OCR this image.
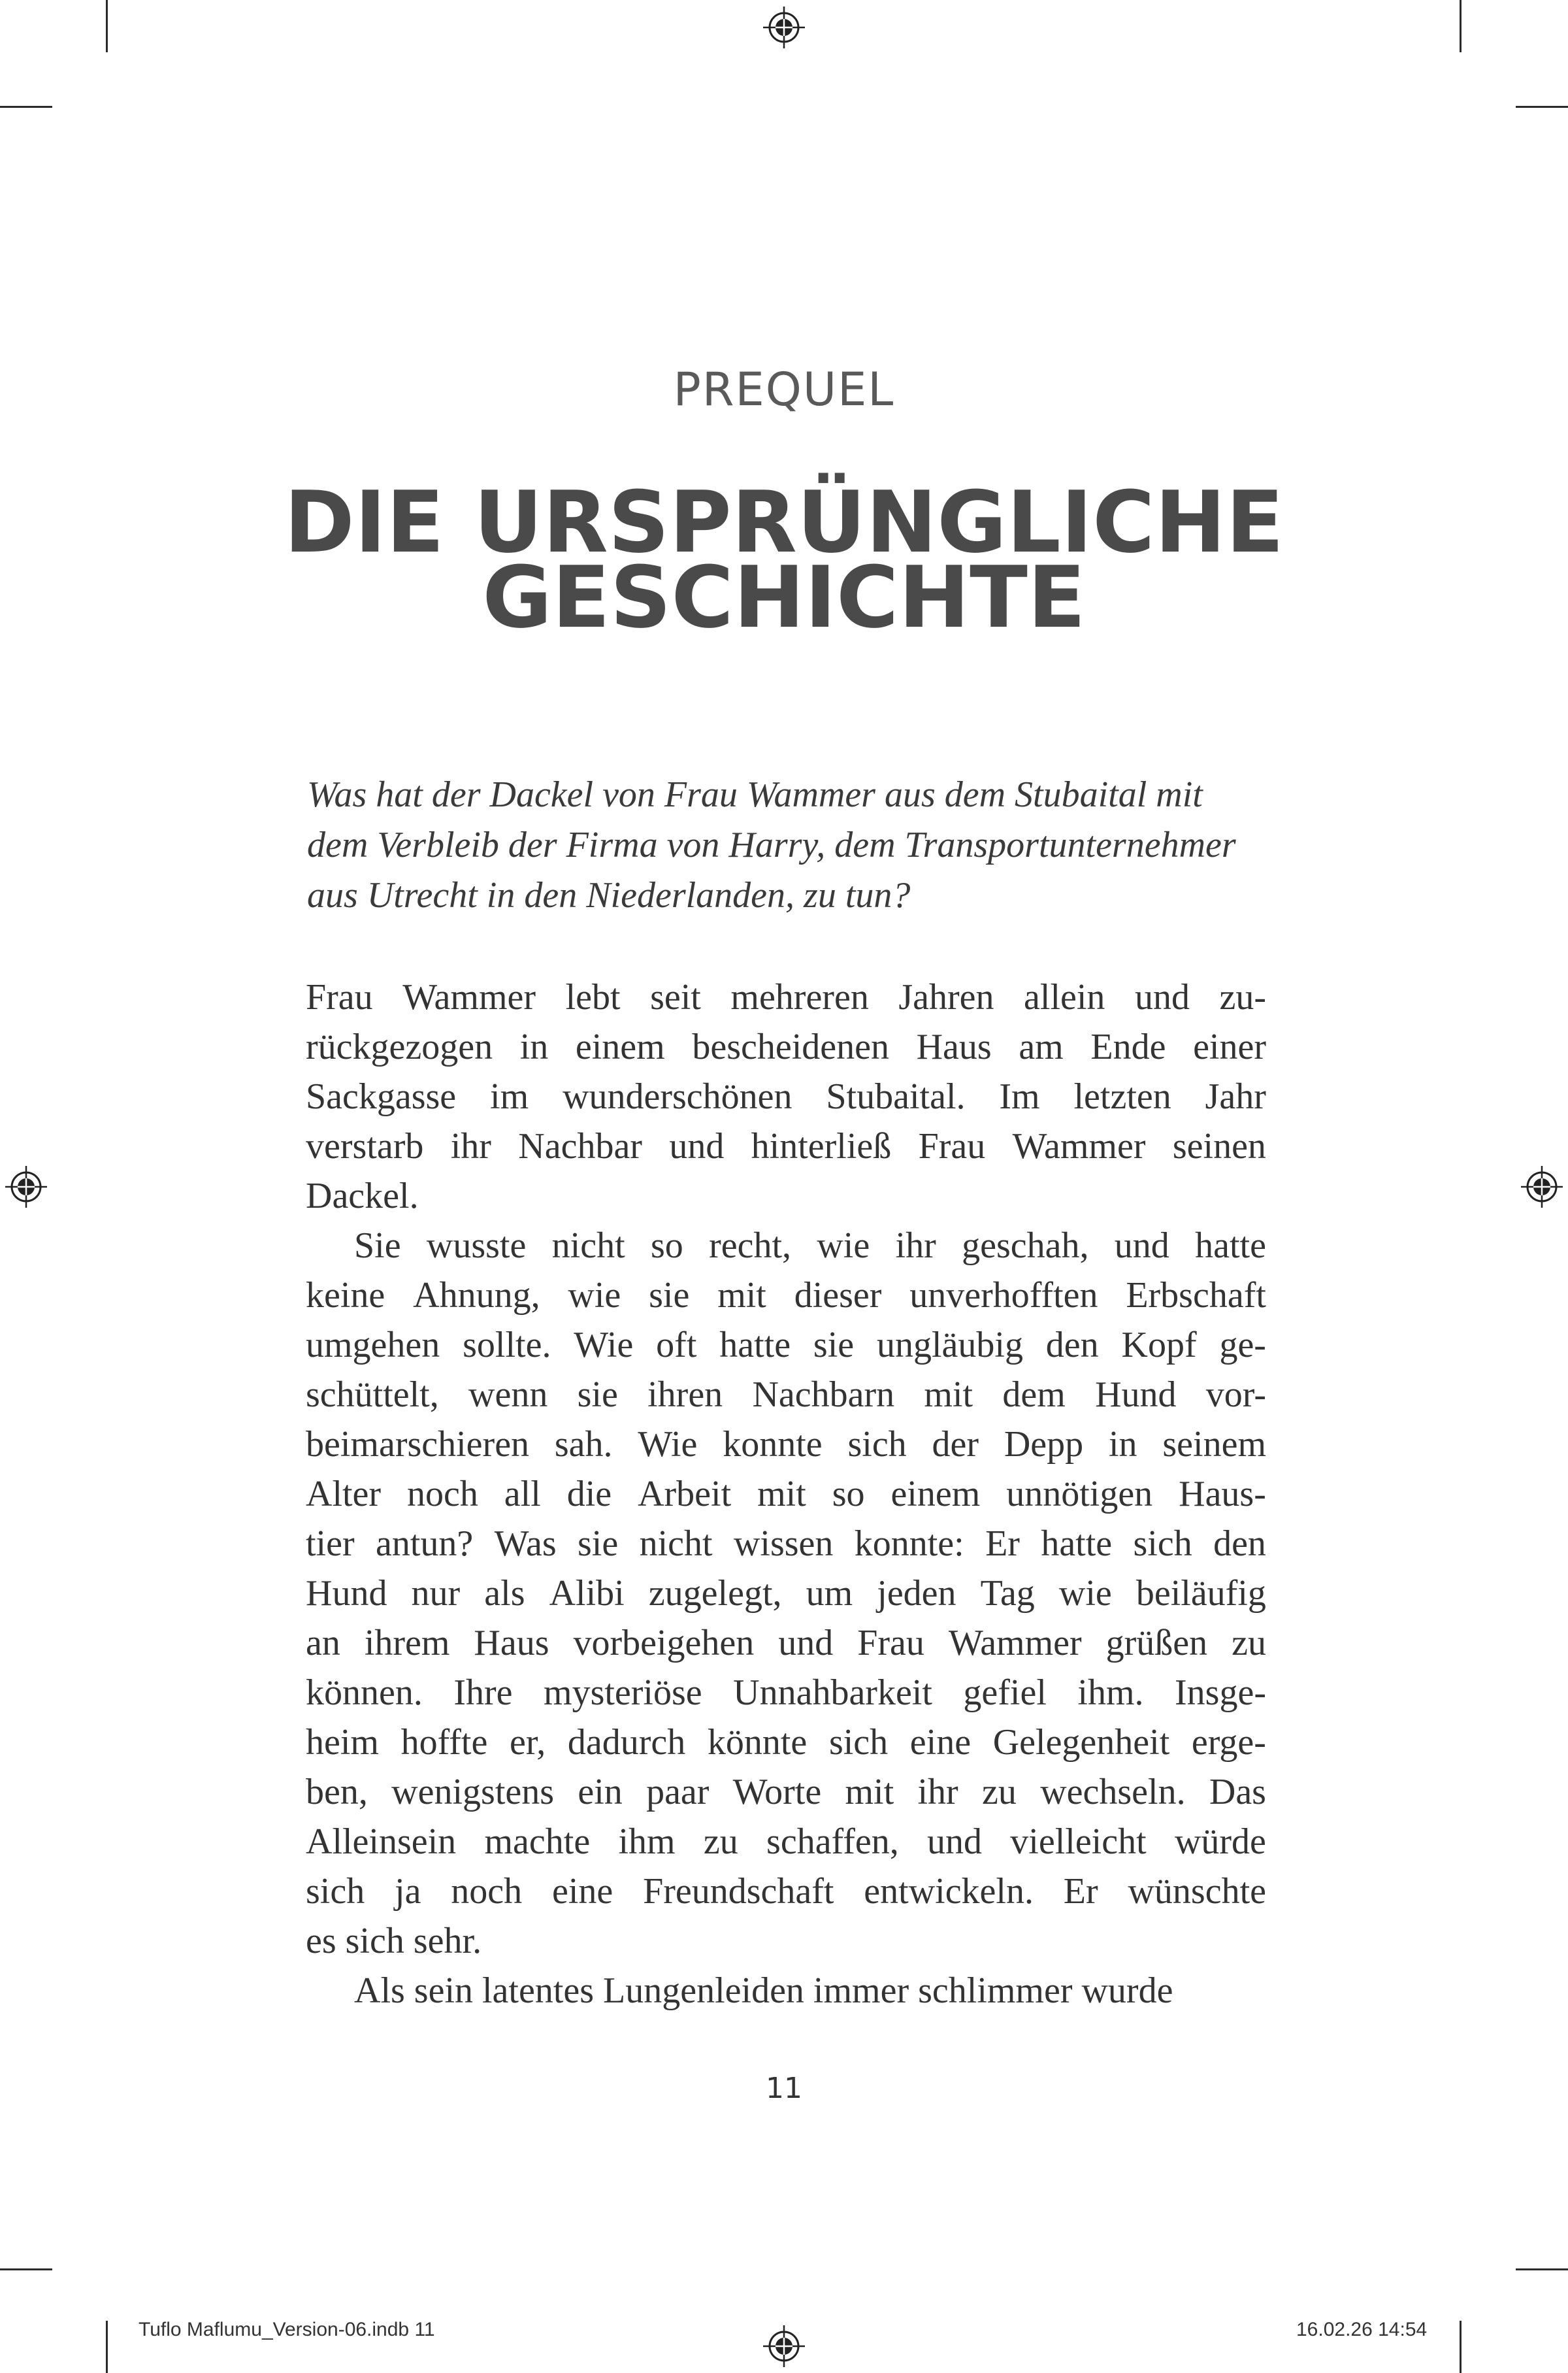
PREQUEL
DIE URSPRÜNGLICHE
GESCHICHTE
Was hat der Dackel von Frau Wammer aus dem Stubaital mit
dem Verbleib der Firma von Harry, dem Transportunternehmer
aus Utrecht in den Niederlanden, zu tun?
Frau Wammer lebt seit mehreren Jahren allein und zu-
rückgezogen in einem bescheidenen Haus am Ende einer
Sackgasse im wunderschönen Stubaital. Im letzten Jahr
verstarb ihr Nachbar und hinterließ Frau Wammer seinen
Dackel.
Sie wusste nicht so recht, wie ihr geschah, und hatte
keine Ahnung, wie sie mit dieser unverhofften Erbschaft
umgehen sollte. Wie oft hatte sie ungläubig den Kopf ge-
schüttelt, wenn sie ihren Nachbarn mit dem Hund vor-
beimarschieren sah. Wie konnte sich der Depp in seinem
Alter noch all die Arbeit mit so einem unnötigen Haus-
tier antun? Was sie nicht wissen konnte: Er hatte sich den
Hund nur als Alibi zugelegt, um jeden Tag wie beiläufig
an ihrem Haus vorbeigehen und Frau Wammer grüßen zu
können. Ihre mysteriöse Unnahbarkeit gefiel ihm. Insge-
heim hoffte er, dadurch könnte sich eine Gelegenheit erge-
ben, wenigstens ein paar Worte mit ihr zu wechseln. Das
Alleinsein machte ihm zu schaffen, und vielleicht würde
sich ja noch eine Freundschaft entwickeln. Er wünschte
es sich sehr.
Als sein latentes Lungenleiden immer schlimmer wurde
11
Tuflo Maflumu_Version-06.indb 11	16.02.26 14:54
